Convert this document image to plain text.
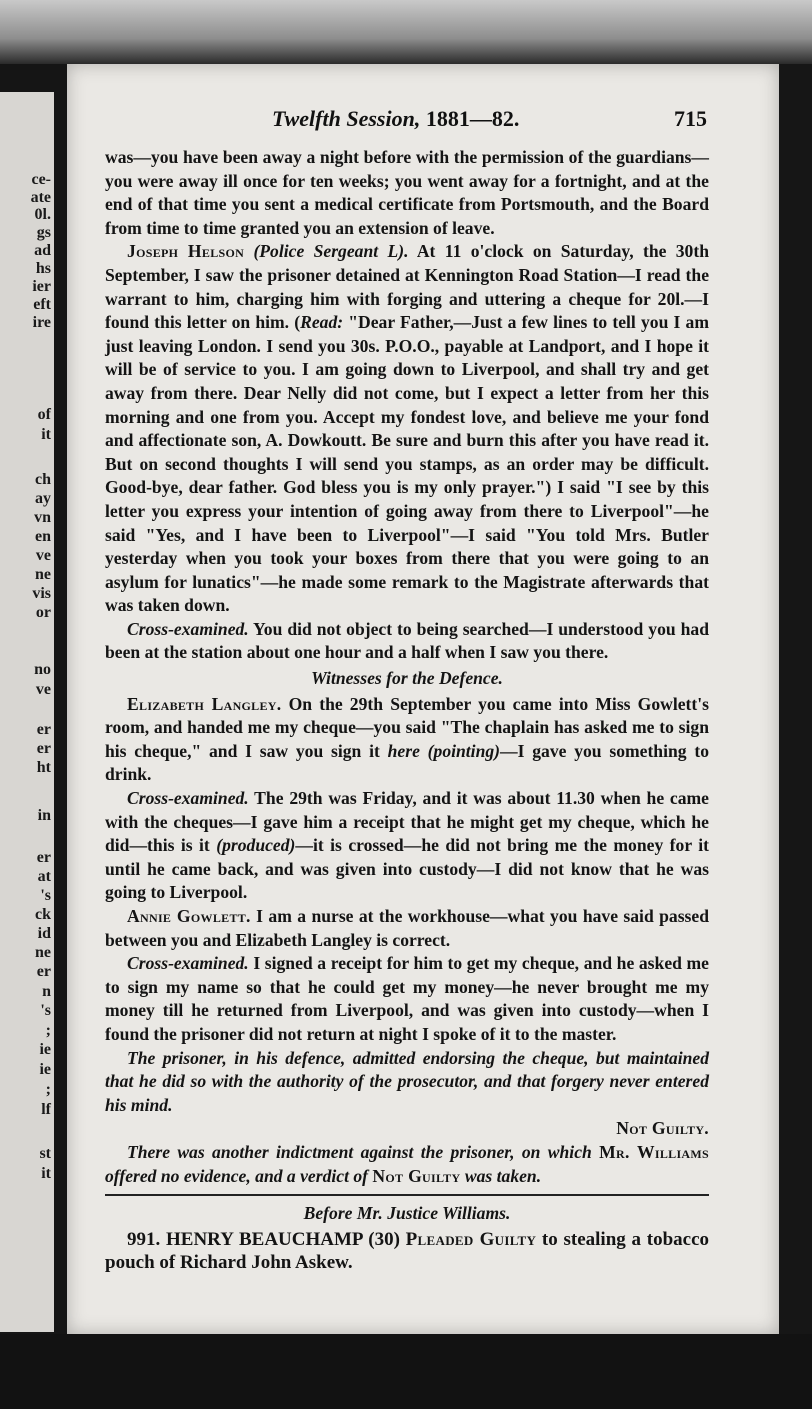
ce-
ate
0l.
gs
ad
hs
ier
eft
ire
of
it
ch
ay
vn
en
ve
ne
vis
or
no
ve
er
er
ht
in
er
at
's
ck
id
ne
er
n
's
;
ie
ie
;
lf
st
it
Twelfth Session, 1881—82.	715

was—you have been away a night before with the permission of the guardians—you were away ill once for ten weeks; you went away for a fortnight, and at the end of that time you sent a medical certificate from Portsmouth, and the Board from time to time granted you an extension of leave.

Joseph Helson (Police Sergeant L). At 11 o'clock on Saturday, the 30th September, I saw the prisoner detained at Kennington Road Station—I read the warrant to him, charging him with forging and uttering a cheque for 20l.—I found this letter on him. (Read: "Dear Father,—Just a few lines to tell you I am just leaving London. I send you 30s. P.O.O., payable at Landport, and I hope it will be of service to you. I am going down to Liverpool, and shall try and get away from there. Dear Nelly did not come, but I expect a letter from her this morning and one from you. Accept my fondest love, and believe me your fond and affectionate son, A. Dowkoutt. Be sure and burn this after you have read it. But on second thoughts I will send you stamps, as an order may be difficult. Good-bye, dear father. God bless you is my only prayer.") I said "I see by this letter you express your intention of going away from there to Liverpool"—he said "Yes, and I have been to Liverpool"—I said "You told Mrs. Butler yesterday when you took your boxes from there that you were going to an asylum for lunatics"—he made some remark to the Magistrate afterwards that was taken down.

Cross-examined. You did not object to being searched—I understood you had been at the station about one hour and a half when I saw you there.

Witnesses for the Defence.

Elizabeth Langley. On the 29th September you came into Miss Gowlett's room, and handed me my cheque—you said "The chaplain has asked me to sign his cheque," and I saw you sign it here (pointing)—I gave you something to drink.

Cross-examined. The 29th was Friday, and it was about 11.30 when he came with the cheques—I gave him a receipt that he might get my cheque, which he did—this is it (produced)—it is crossed—he did not bring me the money for it until he came back, and was given into custody—I did not know that he was going to Liverpool.

Annie Gowlett. I am a nurse at the workhouse—what you have said passed between you and Elizabeth Langley is correct.

Cross-examined. I signed a receipt for him to get my cheque, and he asked me to sign my name so that he could get my money—he never brought me my money till he returned from Liverpool, and was given into custody—when I found the prisoner did not return at night I spoke of it to the master.

The prisoner, in his defence, admitted endorsing the cheque, but maintained that he did so with the authority of the prosecutor, and that forgery never entered his mind.

Not Guilty.

There was another indictment against the prisoner, on which Mr. Williams offered no evidence, and a verdict of Not Guilty was taken.

Before Mr. Justice Williams.

991. HENRY BEAUCHAMP (30) Pleaded Guilty to stealing a tobacco pouch of Richard John Askew.
